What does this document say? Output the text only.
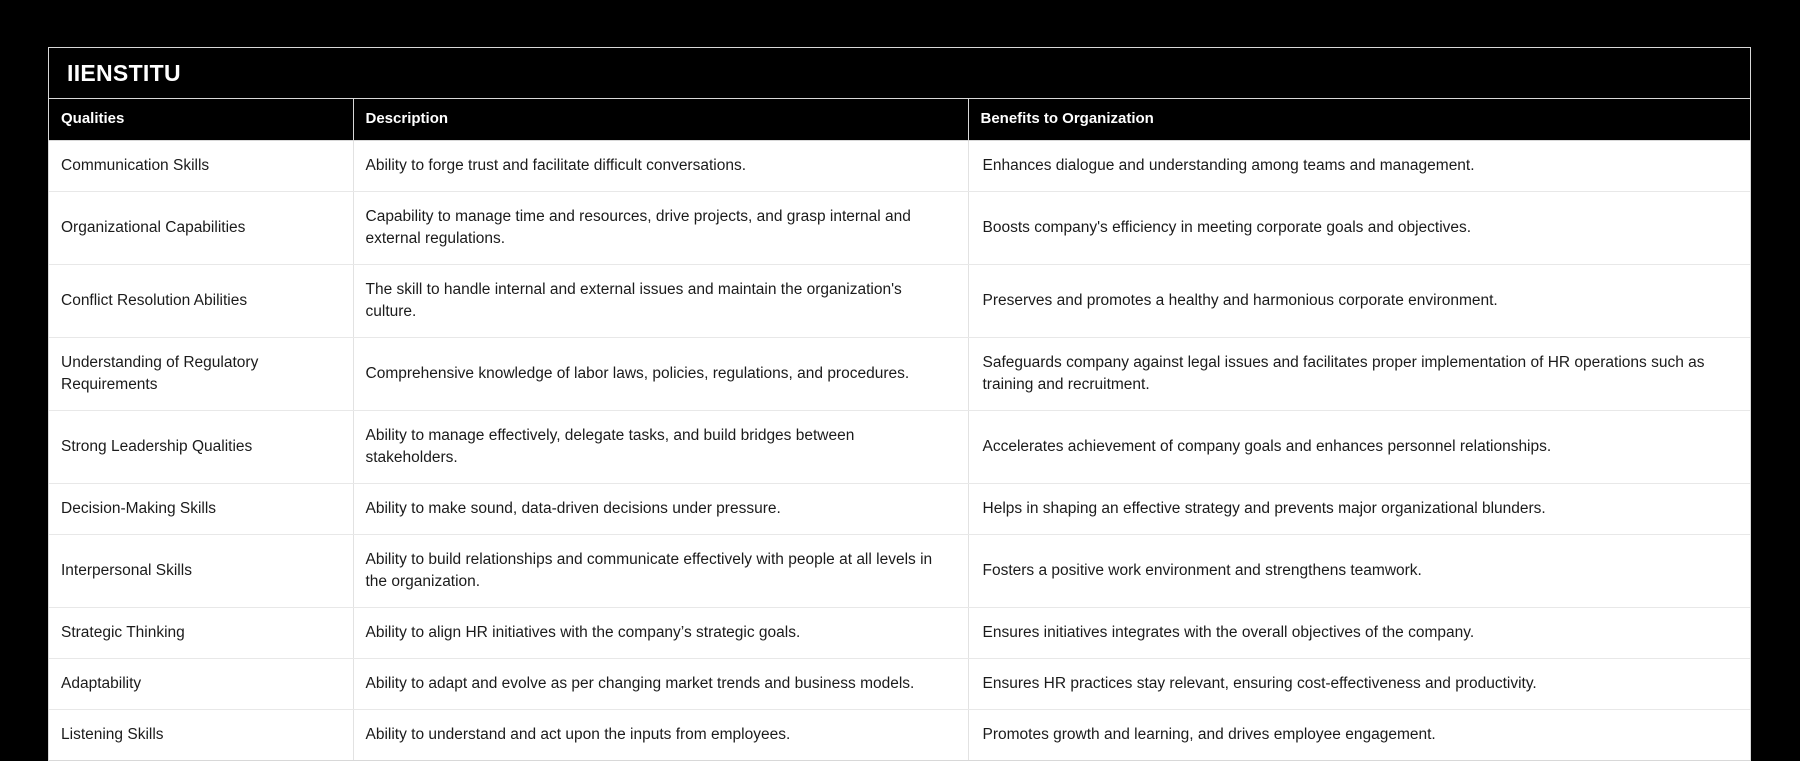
IIENSTITU
Qualities	Description	Benefits to Organization
Communication Skills	Ability to forge trust and facilitate difficult conversations.	Enhances dialogue and understanding among teams and management.
Organizational Capabilities	Capability to manage time and resources, drive projects, and grasp internal and external regulations.	Boosts company's efficiency in meeting corporate goals and objectives.
Conflict Resolution Abilities	The skill to handle internal and external issues and maintain the organization's culture.	Preserves and promotes a healthy and harmonious corporate environment.
Understanding of Regulatory Requirements	Comprehensive knowledge of labor laws, policies, regulations, and procedures.	Safeguards company against legal issues and facilitates proper implementation of HR operations such as training and recruitment.
Strong Leadership Qualities	Ability to manage effectively, delegate tasks, and build bridges between stakeholders.	Accelerates achievement of company goals and enhances personnel relationships.
Decision-Making Skills	Ability to make sound, data-driven decisions under pressure.	Helps in shaping an effective strategy and prevents major organizational blunders.
Interpersonal Skills	Ability to build relationships and communicate effectively with people at all levels in the organization.	Fosters a positive work environment and strengthens teamwork.
Strategic Thinking	Ability to align HR initiatives with the company’s strategic goals.	Ensures initiatives integrates with the overall objectives of the company.
Adaptability	Ability to adapt and evolve as per changing market trends and business models.	Ensures HR practices stay relevant, ensuring cost-effectiveness and productivity.
Listening Skills	Ability to understand and act upon the inputs from employees.	Promotes growth and learning, and drives employee engagement.
